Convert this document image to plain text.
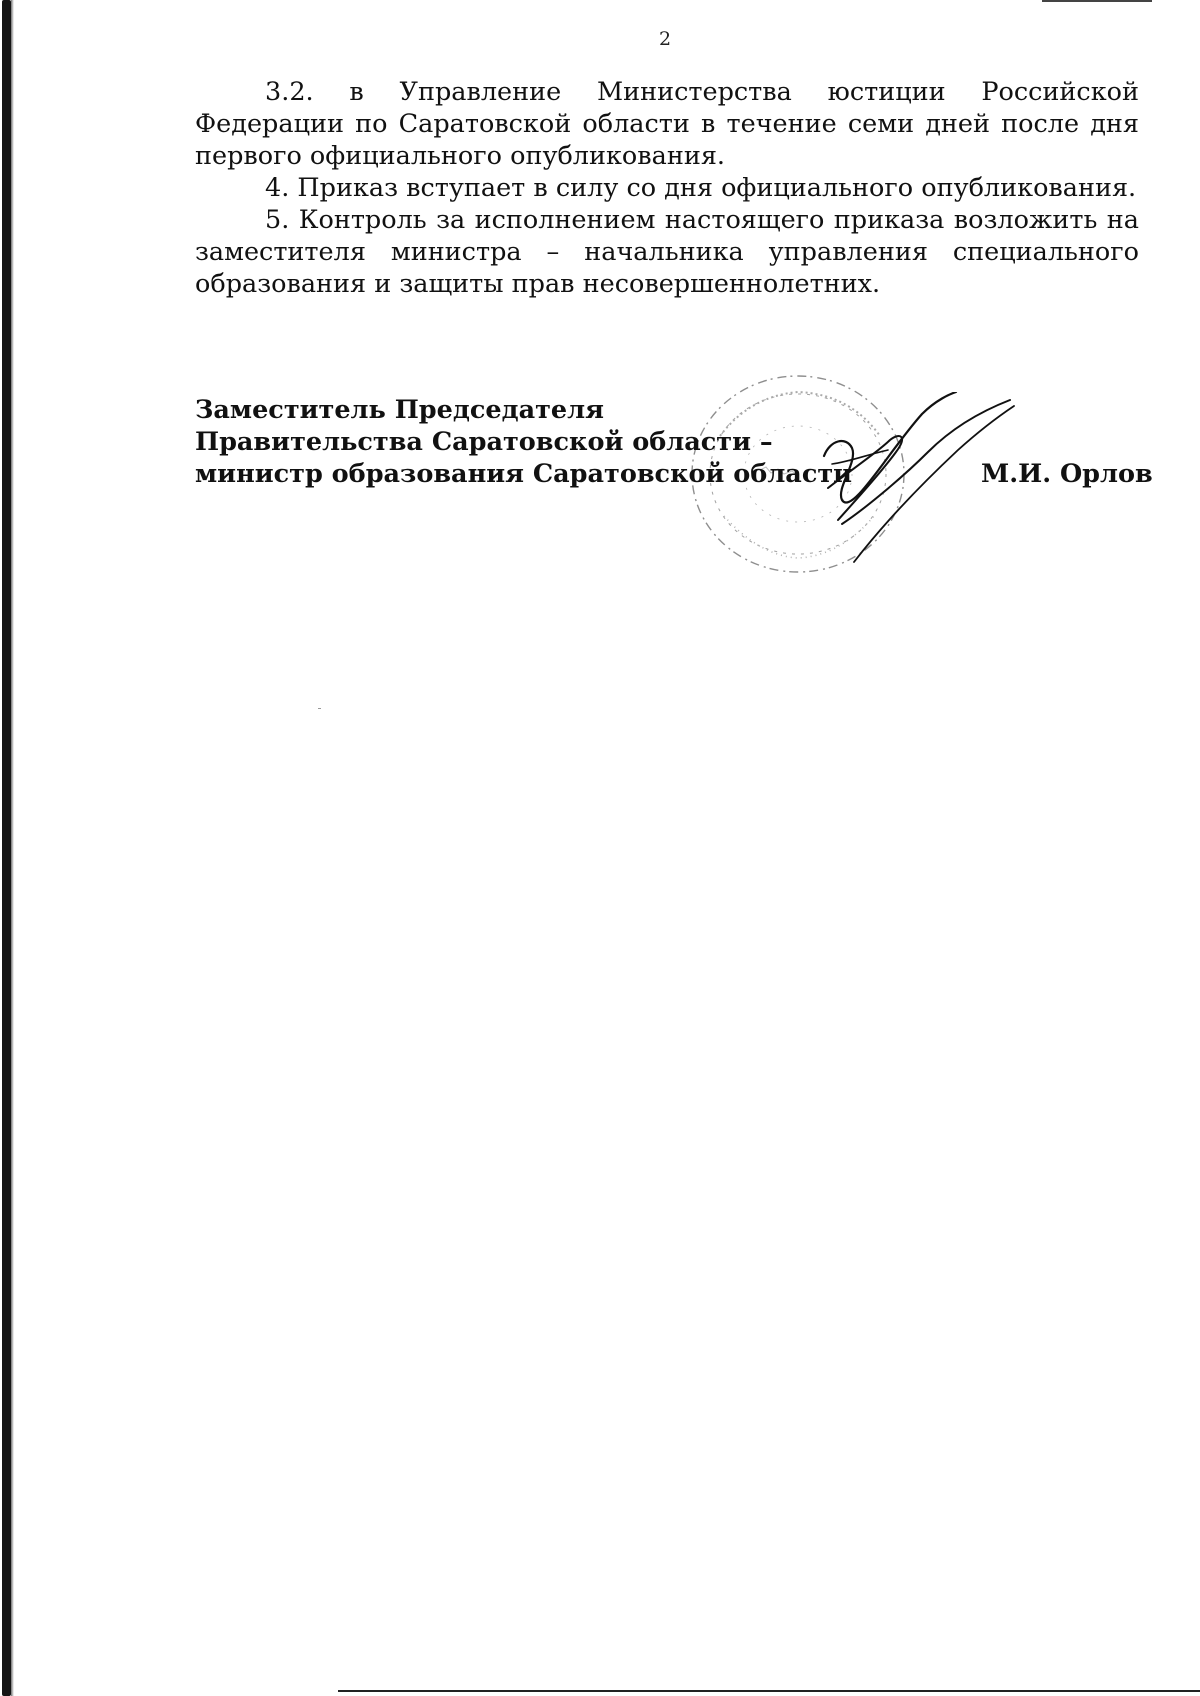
2

3.2. в Управление Министерства юстиции Российской Федерации по Саратовской области в течение семи дней после дня первого официального опубликования.

4. Приказ вступает в силу со дня официального опубликования.

5. Контроль за исполнением настоящего приказа возложить на заместителя министра – начальника управления специального образования и защиты прав несовершеннолетних.

Заместитель Председателя
Правительства Саратовской области –
министр образования Саратовской области	М.И. Орлов
